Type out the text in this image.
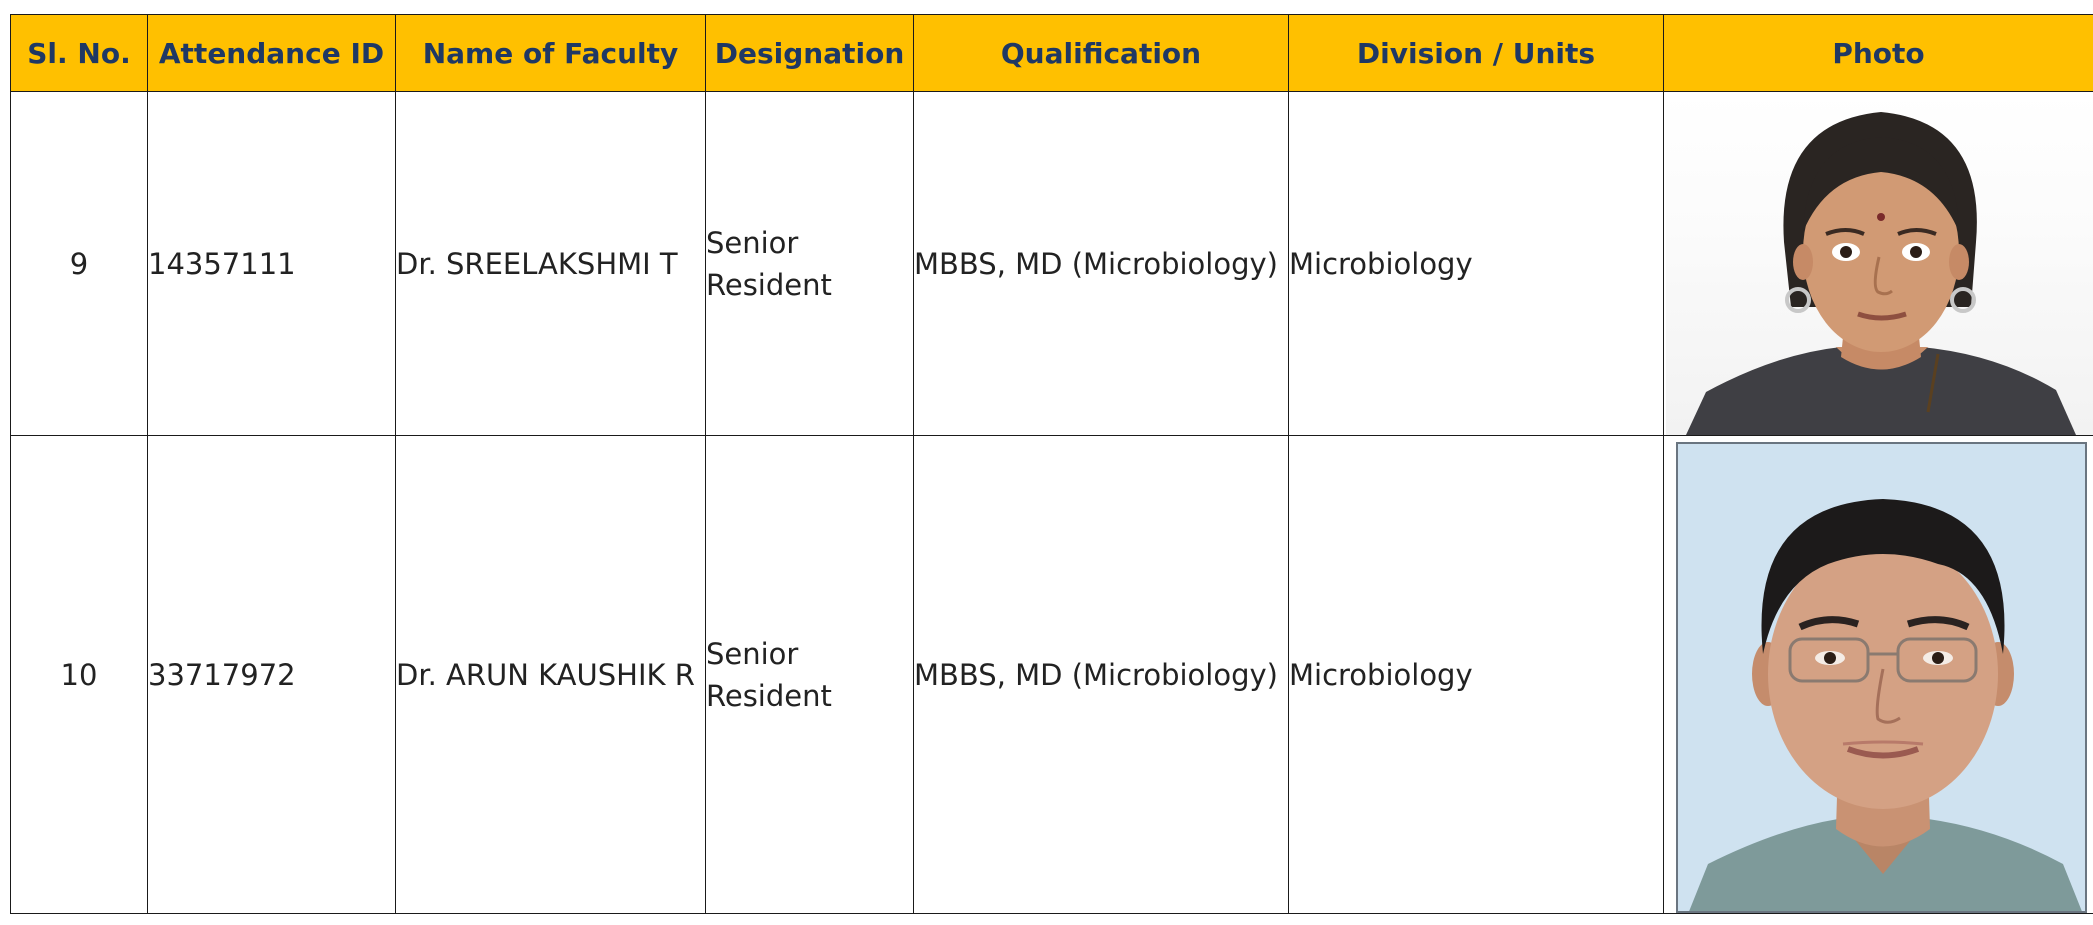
Sl. No.	Attendance ID	Name of Faculty	Designation	Qualification	Division / Units	Photo
9	14357111	Dr. SREELAKSHMI T	Senior Resident	MBBS, MD (Microbiology)	Microbiology	

10	33717972	Dr. ARUN KAUSHIK R	Senior Resident	MBBS, MD (Microbiology)	Microbiology	
